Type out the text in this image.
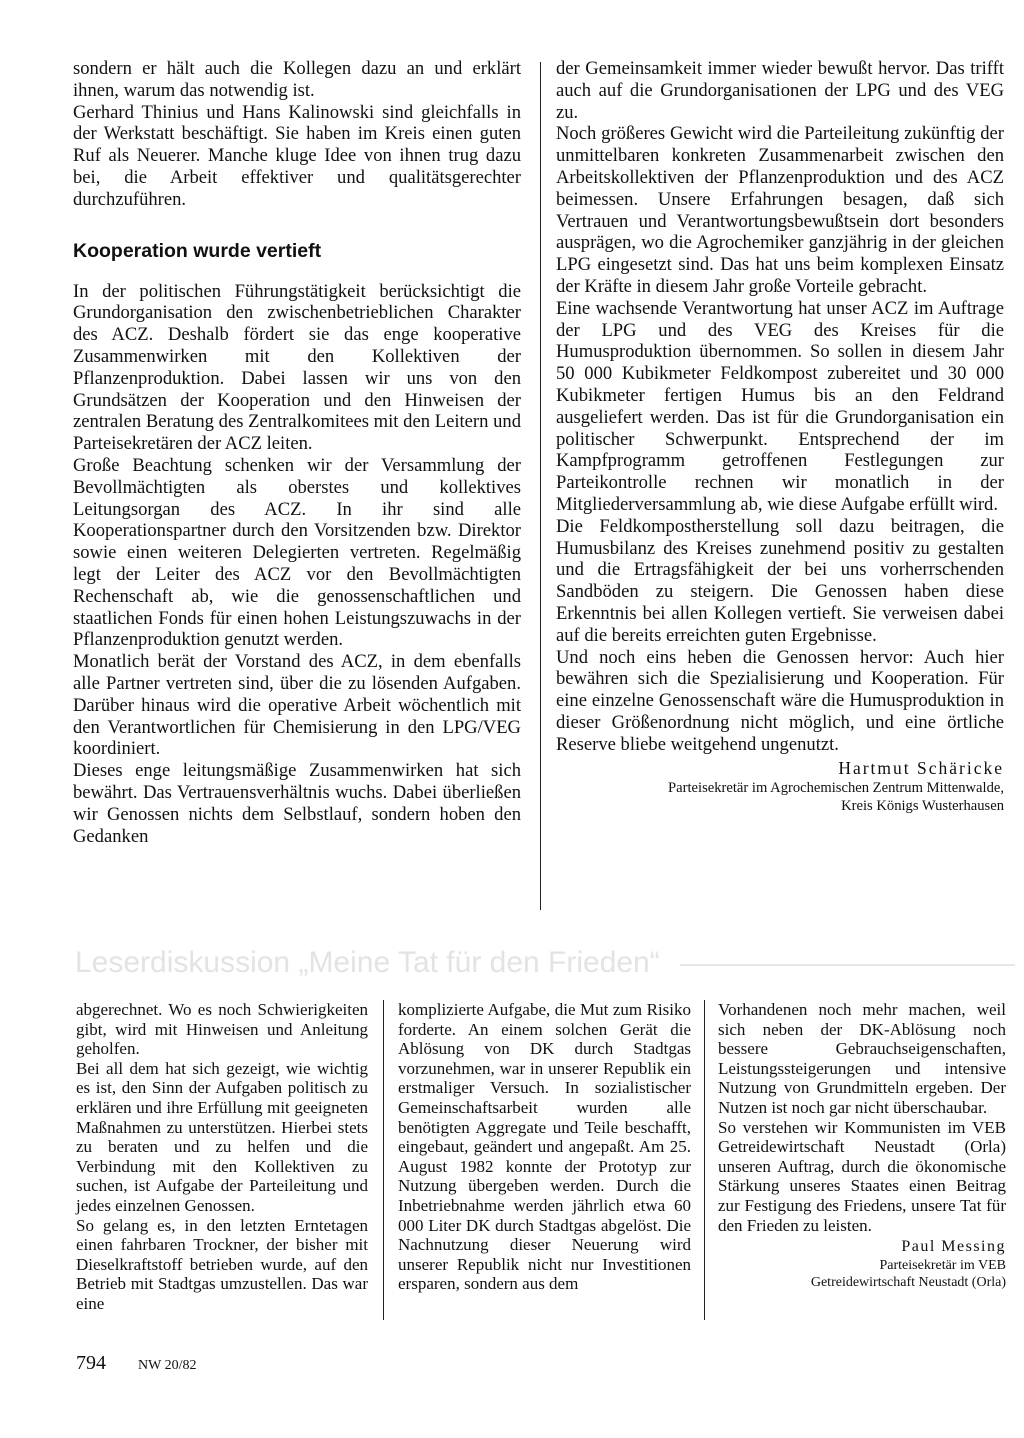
sondern er hält auch die Kollegen dazu an und erklärt ihnen, warum das notwendig ist.

Gerhard Thinius und Hans Kalinowski sind gleichfalls in der Werkstatt beschäftigt. Sie haben im Kreis einen guten Ruf als Neuerer. Manche kluge Idee von ihnen trug dazu bei, die Arbeit effektiver und qualitätsgerechter durchzuführen.

Kooperation wurde vertieft

In der politischen Führungstätigkeit berücksichtigt die Grundorganisation den zwischenbetrieblichen Charakter des ACZ. Deshalb fördert sie das enge kooperative Zusammenwirken mit den Kollektiven der Pflanzenproduktion. Dabei lassen wir uns von den Grundsätzen der Kooperation und den Hinweisen der zentralen Beratung des Zentralkomitees mit den Leitern und Parteisekretären der ACZ leiten.

Große Beachtung schenken wir der Versammlung der Bevollmächtigten als oberstes und kollektives Leitungsorgan des ACZ. In ihr sind alle Kooperationspartner durch den Vorsitzenden bzw. Direktor sowie einen weiteren Delegierten vertreten. Regelmäßig legt der Leiter des ACZ vor den Bevollmächtigten Rechenschaft ab, wie die genossenschaftlichen und staatlichen Fonds für einen hohen Leistungszuwachs in der Pflanzenproduktion genutzt werden.

Monatlich berät der Vorstand des ACZ, in dem ebenfalls alle Partner vertreten sind, über die zu lösenden Aufgaben. Darüber hinaus wird die operative Arbeit wöchentlich mit den Verantwortlichen für Chemisierung in den LPG/VEG koordiniert.

Dieses enge leitungsmäßige Zusammenwirken hat sich bewährt. Das Vertrauensverhältnis wuchs. Dabei überließen wir Genossen nichts dem Selbstlauf, sondern hoben den Gedanken

der Gemeinsamkeit immer wieder bewußt hervor. Das trifft auch auf die Grundorganisationen der LPG und des VEG zu.

Noch größeres Gewicht wird die Parteileitung zukünftig der unmittelbaren konkreten Zusammenarbeit zwischen den Arbeitskollektiven der Pflanzenproduktion und des ACZ beimessen. Unsere Erfahrungen besagen, daß sich Vertrauen und Verantwortungsbewußtsein dort besonders ausprägen, wo die Agrochemiker ganzjährig in der gleichen LPG eingesetzt sind. Das hat uns beim komplexen Einsatz der Kräfte in diesem Jahr große Vorteile gebracht.

Eine wachsende Verantwortung hat unser ACZ im Auftrage der LPG und des VEG des Kreises für die Humusproduktion übernommen. So sollen in diesem Jahr 50 000 Kubikmeter Feldkompost zubereitet und 30 000 Kubikmeter fertigen Humus bis an den Feldrand ausgeliefert werden. Das ist für die Grundorganisation ein politischer Schwerpunkt. Entsprechend der im Kampfprogramm getroffenen Festlegungen zur Parteikontrolle rechnen wir monatlich in der Mitgliederversammlung ab, wie diese Aufgabe erfüllt wird.

Die Feldkompostherstellung soll dazu beitragen, die Humusbilanz des Kreises zunehmend positiv zu gestalten und die Ertragsfähigkeit der bei uns vorherrschenden Sandböden zu steigern. Die Genossen haben diese Erkenntnis bei allen Kollegen vertieft. Sie verweisen dabei auf die bereits erreichten guten Ergebnisse.

Und noch eins heben die Genossen hervor: Auch hier bewähren sich die Spezialisierung und Kooperation. Für eine einzelne Genossenschaft wäre die Humusproduktion in dieser Größenordnung nicht möglich, und eine örtliche Reserve bliebe weitgehend ungenutzt.

Hartmut Schäricke
Parteisekretär im Agrochemischen Zentrum Mittenwalde,
Kreis Königs Wusterhausen
Leserdiskussion „Meine Tat für den Frieden“

abgerechnet. Wo es noch Schwierigkeiten gibt, wird mit Hinweisen und Anleitung geholfen.

Bei all dem hat sich gezeigt, wie wichtig es ist, den Sinn der Aufgaben politisch zu erklären und ihre Erfüllung mit geeigneten Maßnahmen zu unterstützen. Hierbei stets zu beraten und zu helfen und die Verbindung mit den Kollektiven zu suchen, ist Aufgabe der Parteileitung und jedes einzelnen Genossen.

So gelang es, in den letzten Erntetagen einen fahrbaren Trockner, der bisher mit Dieselkraftstoff betrieben wurde, auf den Betrieb mit Stadtgas umzustellen. Das war eine

komplizierte Aufgabe, die Mut zum Risiko forderte. An einem solchen Gerät die Ablösung von DK durch Stadtgas vorzunehmen, war in unserer Republik ein erstmaliger Versuch. In sozialistischer Gemeinschaftsarbeit wurden alle benötigten Aggregate und Teile beschafft, eingebaut, geändert und angepaßt. Am 25. August 1982 konnte der Prototyp zur Nutzung übergeben werden. Durch die Inbetriebnahme werden jährlich etwa 60 000 Liter DK durch Stadtgas abgelöst. Die Nachnutzung dieser Neuerung wird unserer Republik nicht nur Investitionen ersparen, sondern aus dem

Vorhandenen noch mehr machen, weil sich neben der DK-Ablösung noch bessere Gebrauchseigenschaften, Leistungssteigerungen und intensive Nutzung von Grundmitteln ergeben. Der Nutzen ist noch gar nicht überschaubar.

So verstehen wir Kommunisten im VEB Getreidewirtschaft Neustadt (Orla) unseren Auftrag, durch die ökonomische Stärkung unseres Staates einen Beitrag zur Festigung des Friedens, unsere Tat für den Frieden zu leisten.

Paul Messing
Parteisekretär im VEB
Getreidewirtschaft Neustadt (Orla)
794 NW 20/82
